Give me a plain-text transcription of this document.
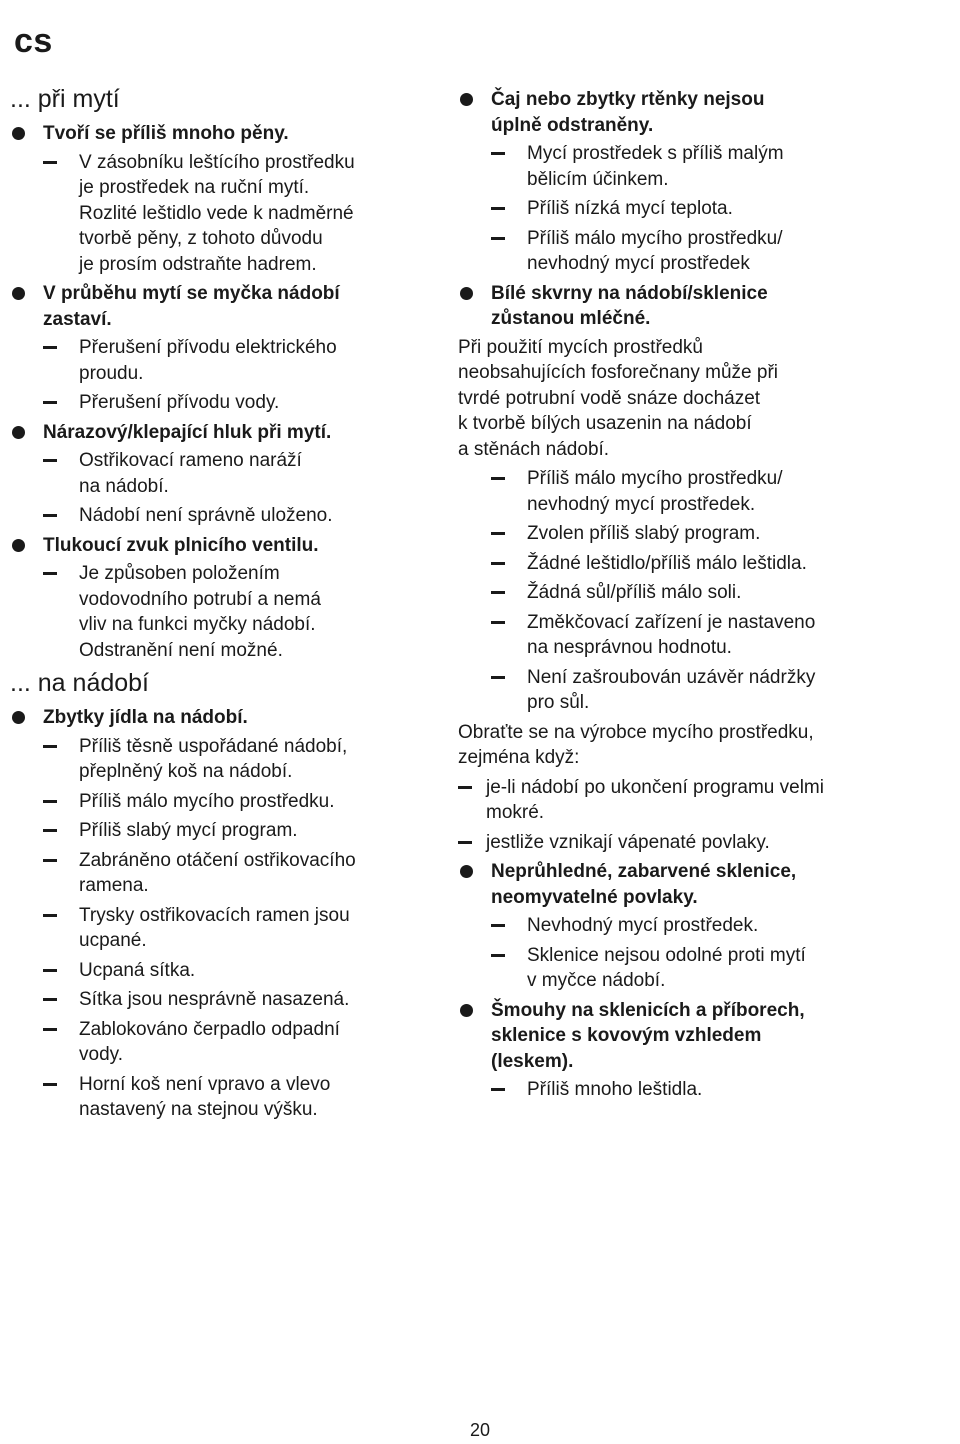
cs
... při mytí
Tvoří se příliš mnoho pěny.
V zásobníku leštícího prostředku
je prostředek na ruční mytí.
Rozlité leštidlo vede k nadměrné
tvorbě pěny, z tohoto důvodu
je prosím odstraňte hadrem.
V průběhu mytí se myčka nádobí
zastaví.
Přerušení přívodu elektrického
proudu.
Přerušení přívodu vody.
Nárazový/klepající hluk při mytí.
Ostřikovací rameno naráží
na nádobí.
Nádobí není správně uloženo.
Tlukoucí zvuk plnicího ventilu.
Je způsoben položením
vodovodního potrubí a nemá
vliv na funkci myčky nádobí.
Odstranění není možné.
... na nádobí
Zbytky jídla na nádobí.
Příliš těsně uspořádané nádobí,
přeplněný koš na nádobí.
Příliš málo mycího prostředku.
Příliš slabý mycí program.
Zabráněno otáčení ostřikovacího
ramena.
Trysky ostřikovacích ramen jsou
ucpané.
Ucpaná sítka.
Sítka jsou nesprávně nasazená.
Zablokováno čerpadlo odpadní
vody.
Horní koš není vpravo a vlevo
nastavený na stejnou výšku.
Čaj nebo zbytky rtěnky nejsou
úplně odstraněny.
Mycí prostředek s příliš malým
bělicím účinkem.
Příliš nízká mycí teplota.
Příliš málo mycího prostředku/
nevhodný mycí prostředek
Bílé skvrny na nádobí/sklenice
zůstanou mléčné.
Při použití mycích prostředků
neobsahujících fosforečnany může při
tvrdé potrubní vodě snáze docházet
k tvorbě bílých usazenin na nádobí
a stěnách nádobí.
Příliš málo mycího prostředku/
nevhodný mycí prostředek.
Zvolen příliš slabý program.
Žádné leštidlo/příliš málo leštidla.
Žádná sůl/příliš málo soli.
Změkčovací zařízení je nastaveno
na nesprávnou hodnotu.
Není zašroubován uzávěr nádržky
pro sůl.
Obraťte se na výrobce mycího prostředku,
zejména když:
je-li nádobí po ukončení programu velmi
mokré.
jestliže vznikají vápenaté povlaky.
Neprůhledné, zabarvené sklenice,
neomyvatelné povlaky.
Nevhodný mycí prostředek.
Sklenice nejsou odolné proti mytí
v myčce nádobí.
Šmouhy na sklenicích a příborech,
sklenice s kovovým vzhledem
(leskem).
Příliš mnoho leštidla.
20
